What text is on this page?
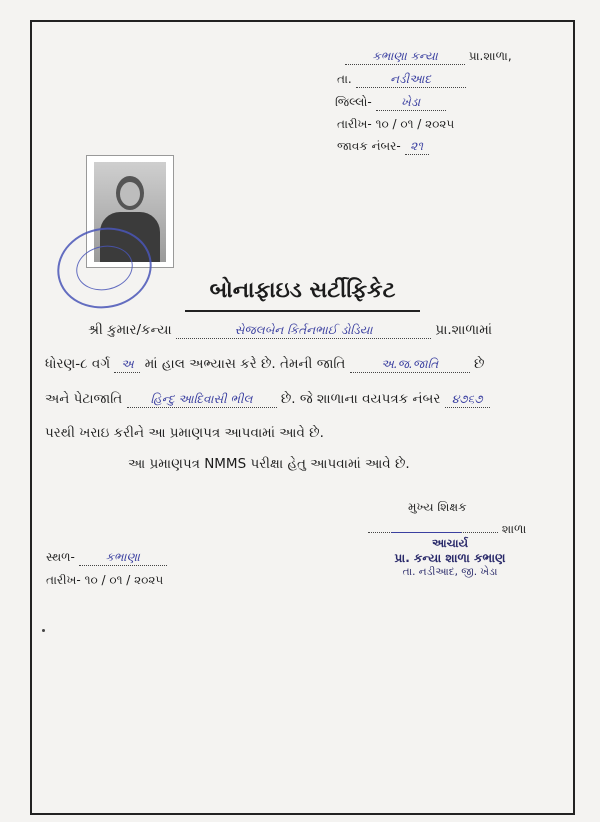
કભાણા કન્યા	પ્રા.શાળા,
તા.	નડીઆદ
જિલ્લો- ખેડા
તારીખ- ૧૦ / ૦૧ / ૨૦૨૫
જાવક નંબર- ૨૧
બોનાફાઇડ સર્ટીફિકેટ
શ્રી કુમાર/કન્યા	સેજલબેન કિર્તનભાઈ ડોડિયા	પ્રા.શાળામાં
ધોરણ-૮ વર્ગ અ માં હાલ અભ્યાસ કરે છે. તેમની જાતિ	અ.જ.જાતિ	છે
અને પેટાજાતિ હિન્દુ આદિવાસી ભીલ છે. જે શાળાના વયપત્રક નંબર ૪૭૬૭
પરથી ખરાઇ કરીને આ પ્રમાણપત્ર આપવામાં આવે છે.
આ પ્રમાણપત્ર NMMS પરીક્ષા હેતુ આપવામાં આવે છે.
મુખ્ય શિક્ષક
શાળા
આચાર્ય
પ્રા. કન્યા શાળા કભાણ
તા. નડીઆદ, જી. ખેડા
સ્થળ-	કભાણા
તારીખ- ૧૦ / ૦૧ / ૨૦૨૫
